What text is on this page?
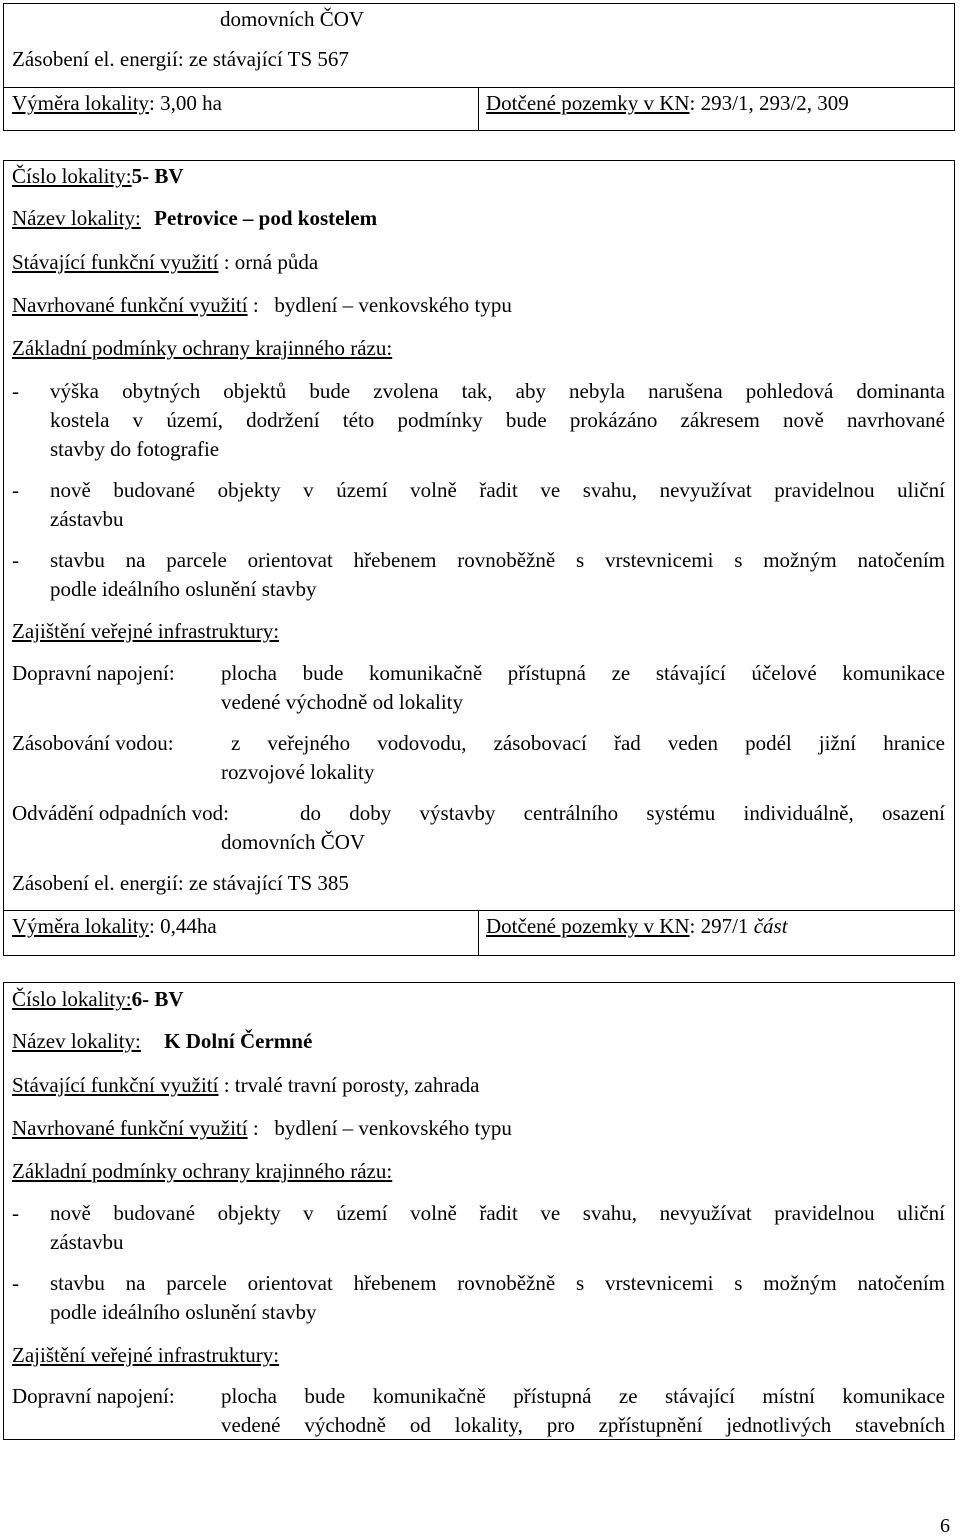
domovních ČOV
Zásobení el. energií: ze stávající TS 567
Výměra lokality: 3,00 ha	Dotčené pozemky v KN: 293/1, 293/2, 309
Číslo lokality:5- BV
Název lokality: Petrovice – pod kostelem
Stávající funkční využití : orná půda
Navrhované funkční využití :   bydlení – venkovského typu
Základní podmínky ochrany krajinného rázu:
- výška obytných objektů bude zvolena tak, aby nebyla narušena pohledová dominanta
kostela v území, dodržení této podmínky bude prokázáno zákresem nově navrhované
stavby do fotografie
- nově budované objekty v území volně řadit ve svahu, nevyužívat pravidelnou uliční
zástavbu
- stavbu na parcele orientovat hřebenem rovnoběžně s vrstevnicemi s možným natočením
podle ideálního oslunění stavby
Zajištění veřejné infrastruktury:
Dopravní napojení: plocha bude komunikačně přístupná ze stávající účelové komunikace
vedené východně od lokality
Zásobování vodou:	z veřejného vodovodu, zásobovací řad veden podél jižní hranice
rozvojové lokality
Odvádění odpadních vod:	do doby výstavby centrálního systému individuálně, osazení
domovních ČOV
Zásobení el. energií: ze stávající TS 385
Výměra lokality: 0,44ha	Dotčené pozemky v KN: 297/1 část
Číslo lokality:6- BV
Název lokality: K Dolní Čermné
Stávající funkční využití : trvalé travní porosty, zahrada
Navrhované funkční využití :   bydlení – venkovského typu
Základní podmínky ochrany krajinného rázu:
- nově budované objekty v území volně řadit ve svahu, nevyužívat pravidelnou uliční
zástavbu
- stavbu na parcele orientovat hřebenem rovnoběžně s vrstevnicemi s možným natočením
podle ideálního oslunění stavby
Zajištění veřejné infrastruktury:
Dopravní napojení: plocha bude komunikačně přístupná ze stávající místní komunikace
vedené východně od lokality, pro zpřístupnění jednotlivých stavebních
6
